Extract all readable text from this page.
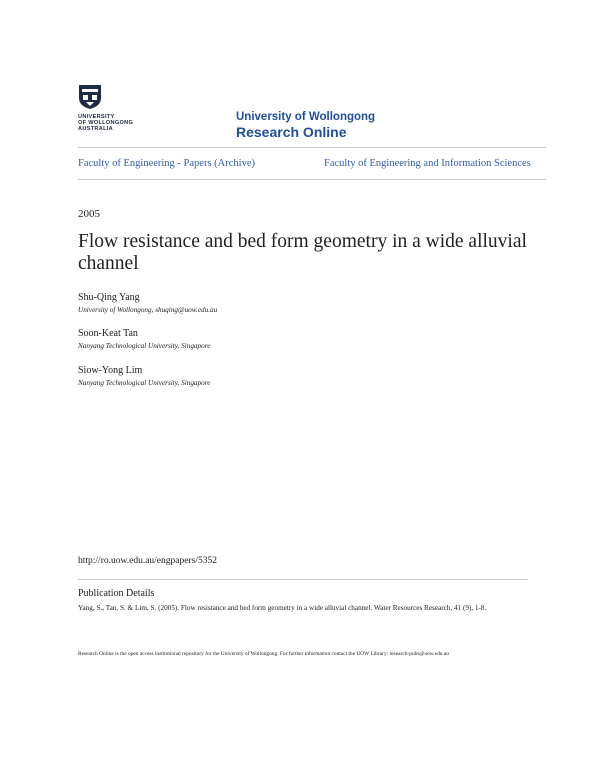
UNIVERSITY
OF WOLLONGONG
AUSTRALIA
University of Wollongong
Research Online
Faculty of Engineering - Papers (Archive)	Faculty of Engineering and Information Sciences
2005
Flow resistance and bed form geometry in a wide alluvial channel
Shu-Qing Yang
University of Wollongong, shuqing@uow.edu.au
Soon-Keat Tan
Nanyang Technological University, Singapore
Siow-Yong Lim
Nanyang Technological University, Singapore
http://ro.uow.edu.au/engpapers/5352
Publication Details
Yang, S., Tan, S. & Lim, S. (2005). Flow resistance and bed form geometry in a wide alluvial channel. Water Resources Research, 41 (9), 1-8.
Research Online is the open access institutional repository for the University of Wollongong. For further information contact the UOW Library: research-pubs@uow.edu.au
